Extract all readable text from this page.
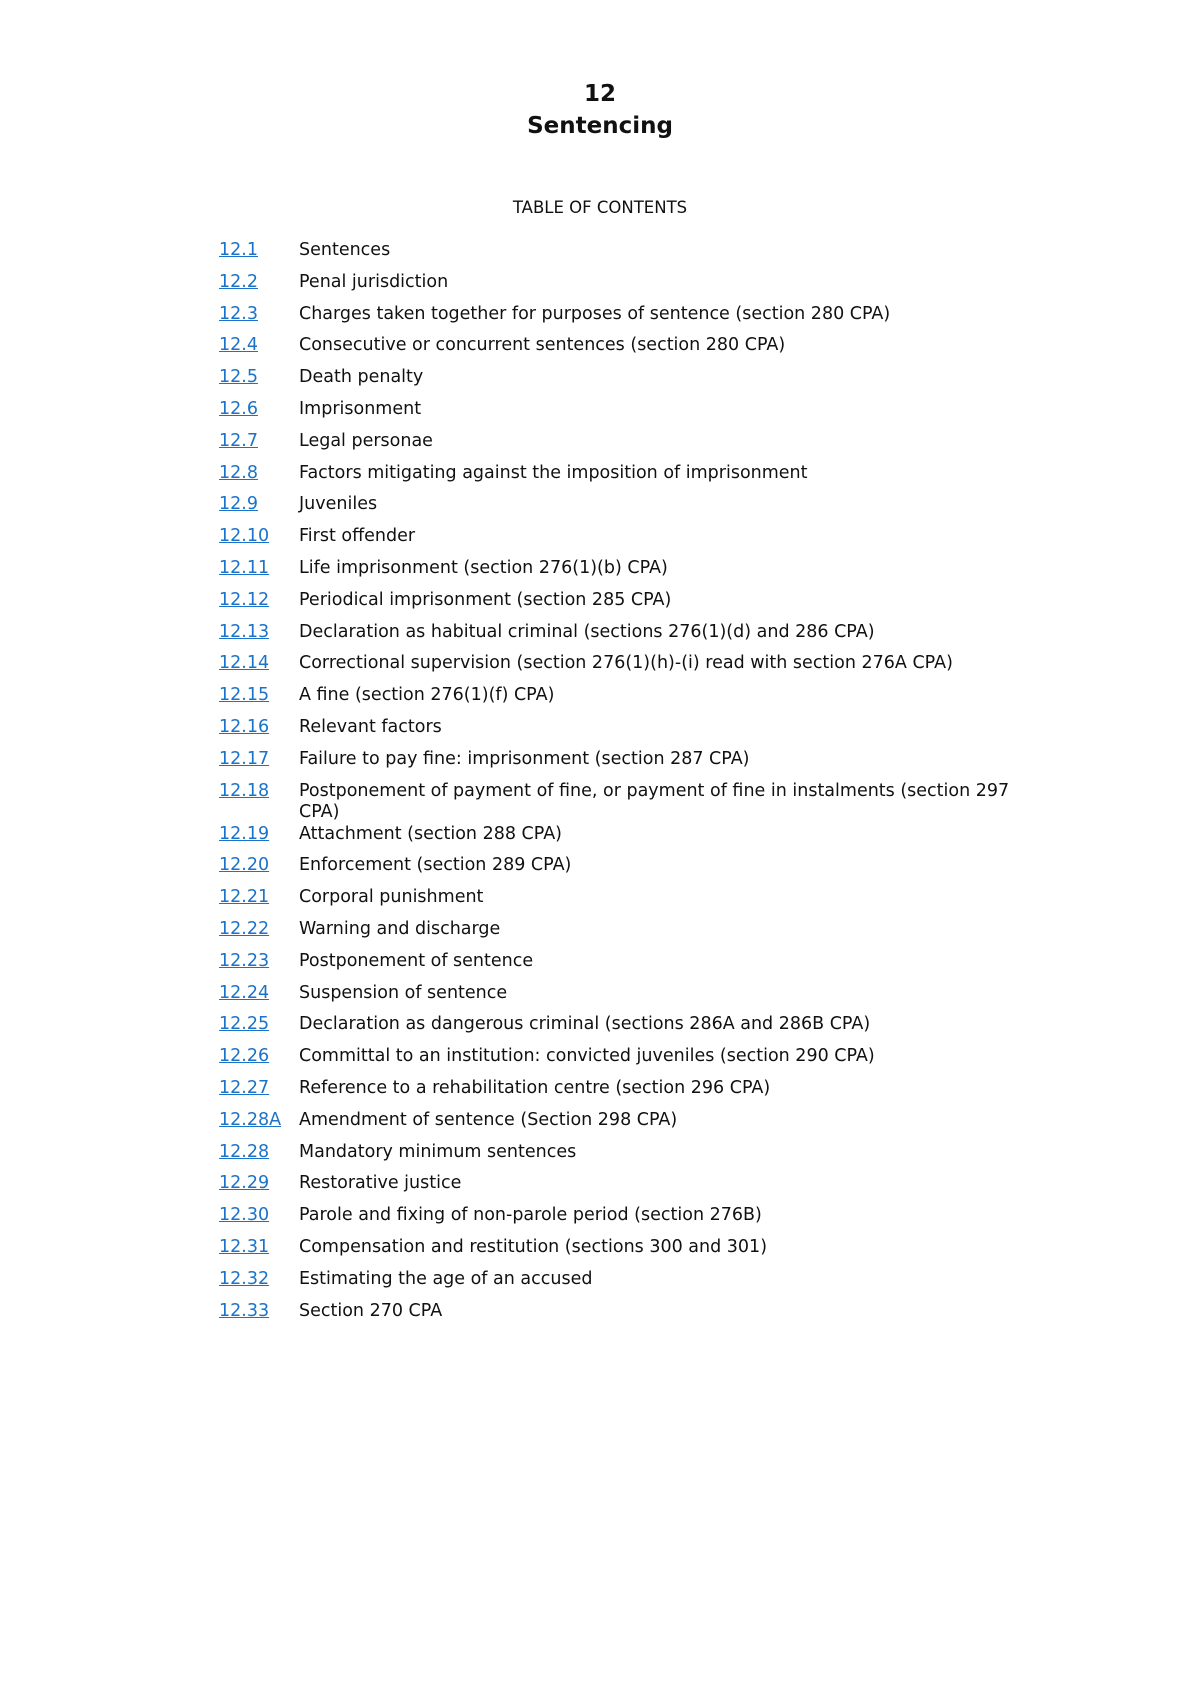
12
Sentencing
TABLE OF CONTENTS
12.1	Sentences
12.2	Penal jurisdiction
12.3	Charges taken together for purposes of sentence (section 280 CPA)
12.4	Consecutive or concurrent sentences (section 280 CPA)
12.5	Death penalty
12.6	Imprisonment
12.7	Legal personae
12.8	Factors mitigating against the imposition of imprisonment
12.9	Juveniles
12.10	First offender
12.11	Life imprisonment (section 276(1)(b) CPA)
12.12	Periodical imprisonment (section 285 CPA)
12.13	Declaration as habitual criminal (sections 276(1)(d) and 286 CPA)
12.14	Correctional supervision (section 276(1)(h)-(i) read with section 276A CPA)
12.15	A fine (section 276(1)(f) CPA)
12.16	Relevant factors
12.17	Failure to pay fine: imprisonment (section 287 CPA)
12.18	Postponement of payment of fine, or payment of fine in instalments (section 297 CPA)
12.19	Attachment (section 288 CPA)
12.20	Enforcement (section 289 CPA)
12.21	Corporal punishment
12.22	Warning and discharge
12.23	Postponement of sentence
12.24	Suspension of sentence
12.25	Declaration as dangerous criminal (sections 286A and 286B CPA)
12.26	Committal to an institution: convicted juveniles (section 290 CPA)
12.27	Reference to a rehabilitation centre (section 296 CPA)
12.28A	Amendment of sentence (Section 298 CPA)
12.28	Mandatory minimum sentences
12.29	Restorative justice
12.30	Parole and fixing of non-parole period (section 276B)
12.31	Compensation and restitution (sections 300 and 301)
12.32	Estimating the age of an accused
12.33	Section 270 CPA
